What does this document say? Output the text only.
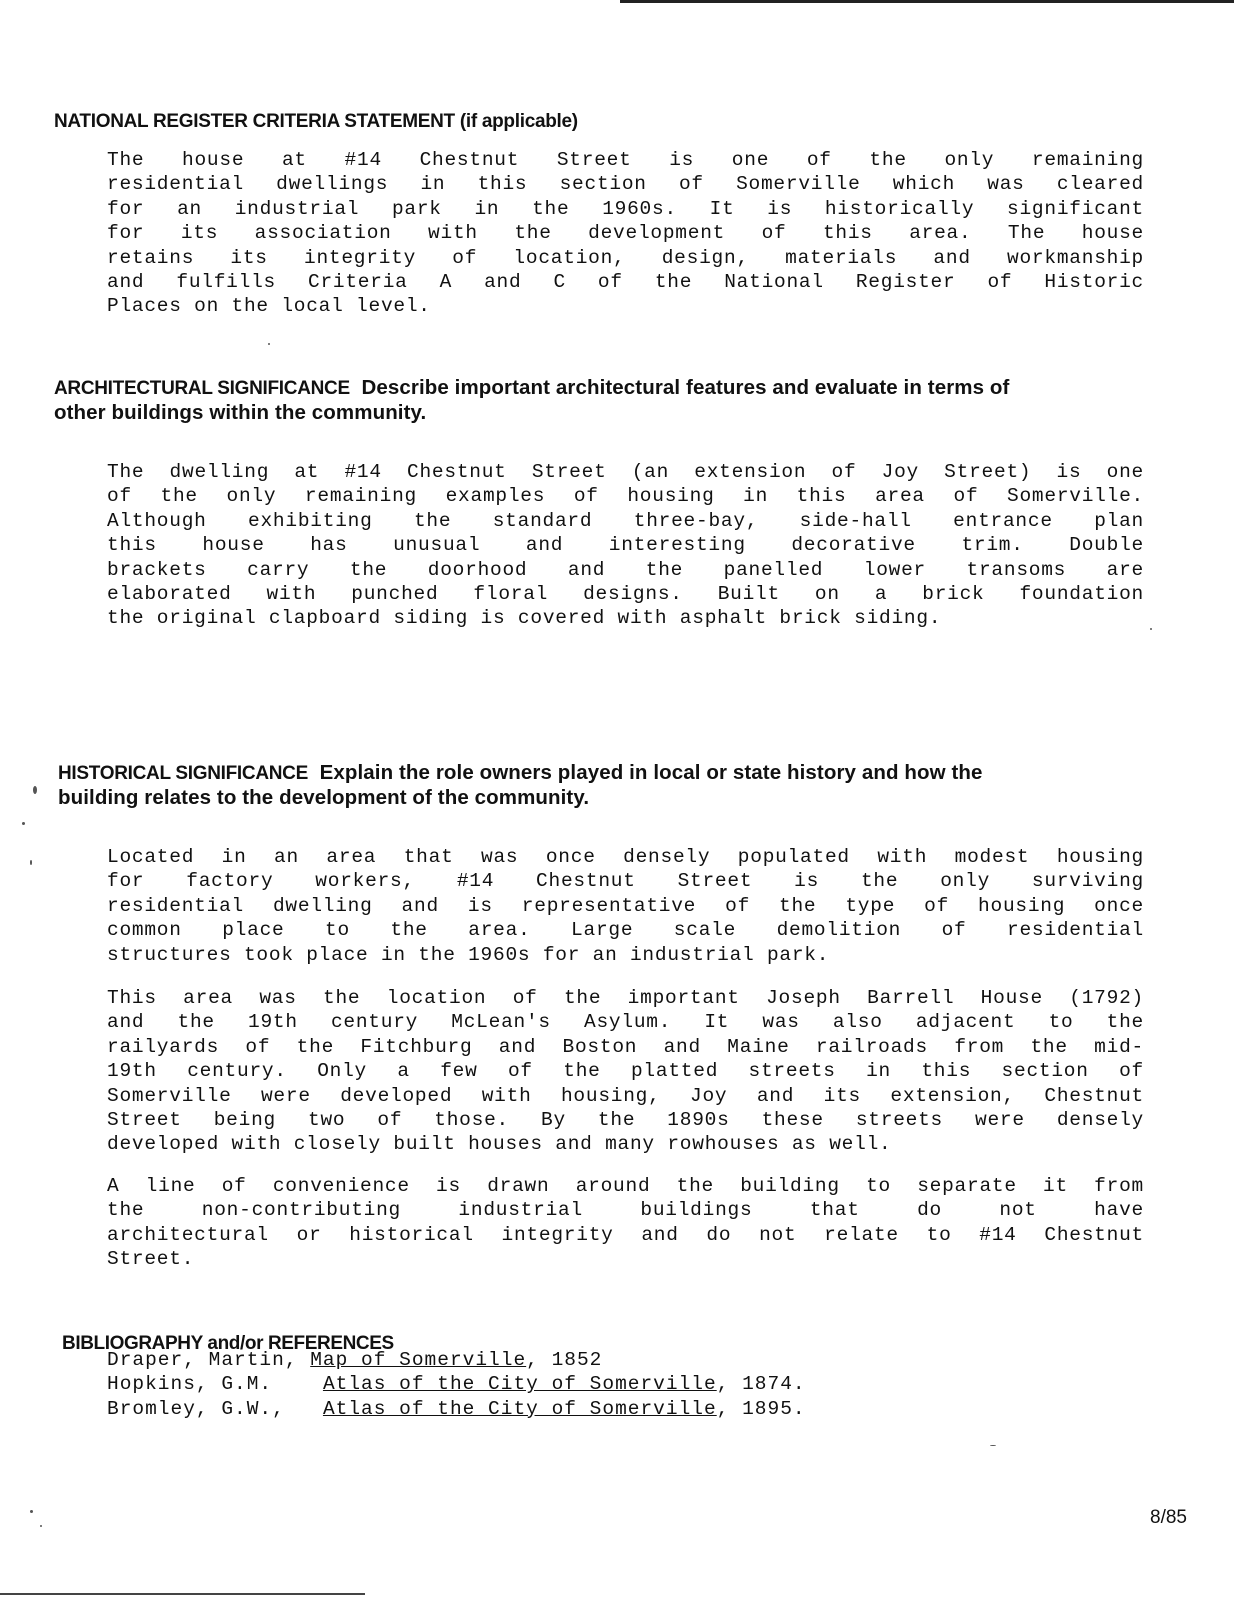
NATIONAL REGISTER CRITERIA STATEMENT (if applicable)
The house at #14 Chestnut Street is one of the only remaining
residential dwellings in this section of Somerville which was cleared
for an industrial park in the 1960s. It is historically significant
for its association with the development of this area. The house
retains its integrity of location, design, materials and workmanship
and fulfills Criteria A and C of the National Register of Historic
Places on the local level.
ARCHITECTURAL SIGNIFICANCE Describe important architectural features and evaluate in terms of
other buildings within the community.
The dwelling at #14 Chestnut Street (an extension of Joy Street) is one
of the only remaining examples of housing in this area of Somerville.
Although exhibiting the standard three-bay, side-hall entrance plan
this house has unusual and interesting decorative trim. Double
brackets carry the doorhood and the panelled lower transoms are
elaborated with punched floral designs. Built on a brick foundation
the original clapboard siding is covered with asphalt brick siding.
HISTORICAL SIGNIFICANCE Explain the role owners played in local or state history and how the
building relates to the development of the community.
Located in an area that was once densely populated with modest housing
for factory workers, #14 Chestnut Street is the only surviving
residential dwelling and is representative of the type of housing once
common place to the area. Large scale demolition of residential
structures took place in the 1960s for an industrial park.
This area was the location of the important Joseph Barrell House (1792)
and the 19th century McLean's Asylum. It was also adjacent to the
railyards of the Fitchburg and Boston and Maine railroads from the mid-
19th century. Only a few of the platted streets in this section of
Somerville were developed with housing, Joy and its extension, Chestnut
Street being two of those. By the 1890s these streets were densely
developed with closely built houses and many rowhouses as well.
A line of convenience is drawn around the building to separate it from
the non-contributing industrial buildings that do not have
architectural or historical integrity and do not relate to #14 Chestnut
Street.
BIBLIOGRAPHY and/or REFERENCES
Draper, Martin, Map of Somerville, 1852
Hopkins, G.M.	Atlas of the City of Somerville, 1874.
Bromley, G.W., Atlas of the City of Somerville, 1895.
8/85
